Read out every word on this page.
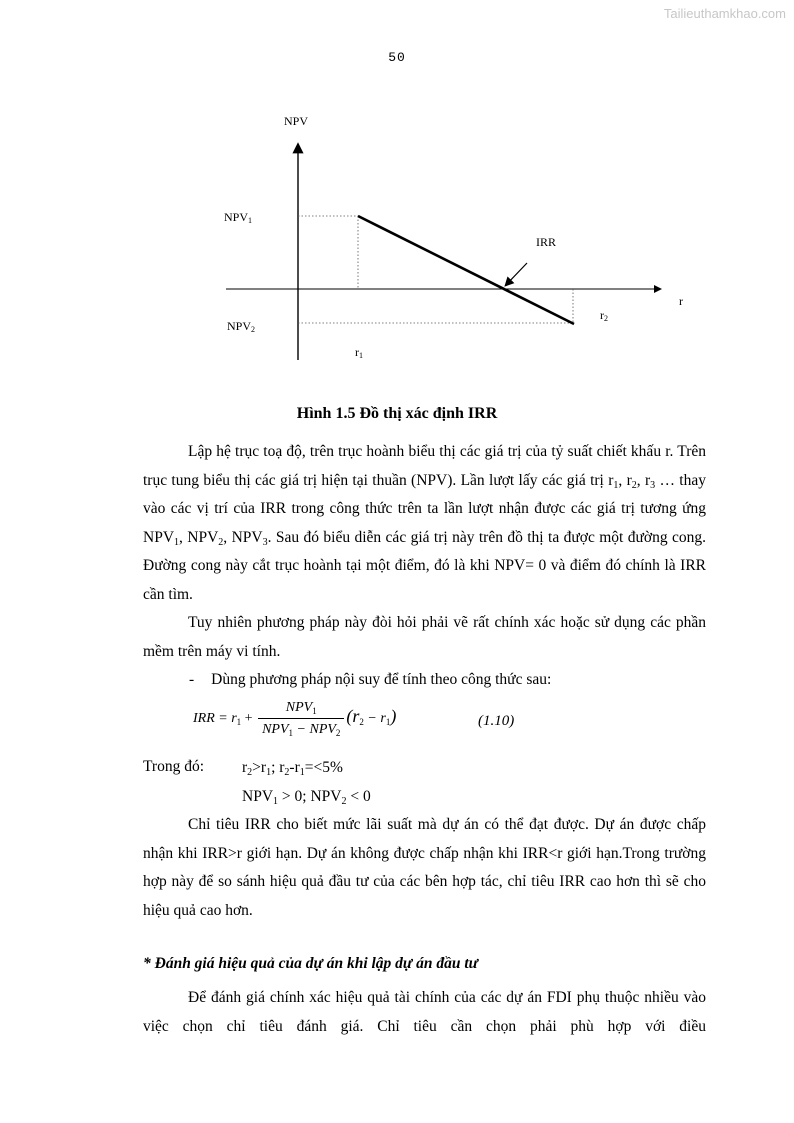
Tailieuthamkhao.com
50
NPV
r
$NPV_1$
$NPV_2$
$r_1$
$r_2$
IRR
Hình 1.5 Đồ thị xác định IRR

Lập hệ trục toạ độ, trên trục hoành biểu thị các giá trị của tỷ suất chiết khấu r. Trên trục tung biểu thị các giá trị hiện tại thuần (NPV). Lần lượt lấy các giá trị $r_1$, $r_2$, $r_3$ … thay vào các vị trí của IRR trong công thức trên ta lần lượt nhận được các giá trị tương ứng $NPV_1$, $NPV_2$, $NPV_3$. Sau đó biểu diễn các giá trị này trên đồ thị ta được một đường cong. Đường cong này cắt trục hoành tại một điểm, đó là khi NPV= 0 và điểm đó chính là IRR cần tìm.

Tuy nhiên phương pháp này đòi hỏi phải vẽ rất chính xác hoặc sử dụng các phần mềm trên máy vi tính.

- Dùng phương pháp nội suy để tính theo công thức sau:

IRR = $r_1 + \frac{NPV_1}{NPV_1 - NPV_2} (r_2 - r_1)$	(1.10)
Trong đó: $r_2>r_1$; $r_2-r_1=<5\%$
$NPV_1 > 0$; $NPV_2 < 0$

Chỉ tiêu IRR cho biết mức lãi suất mà dự án có thể đạt được. Dự án được chấp nhận khi IRR>r giới hạn. Dự án không được chấp nhận khi IRR<r giới hạn.Trong trường hợp này để so sánh hiệu quả đầu tư của các bên hợp tác, chỉ tiêu IRR cao hơn thì sẽ cho hiệu quả cao hơn.

* Đánh giá hiệu quả của dự án khi lập dự án đầu tư

Để đánh giá chính xác hiệu quả tài chính của các dự án FDI phụ thuộc nhiều vào việc chọn chỉ tiêu đánh giá. Chỉ tiêu cần chọn phải phù hợp với điều
